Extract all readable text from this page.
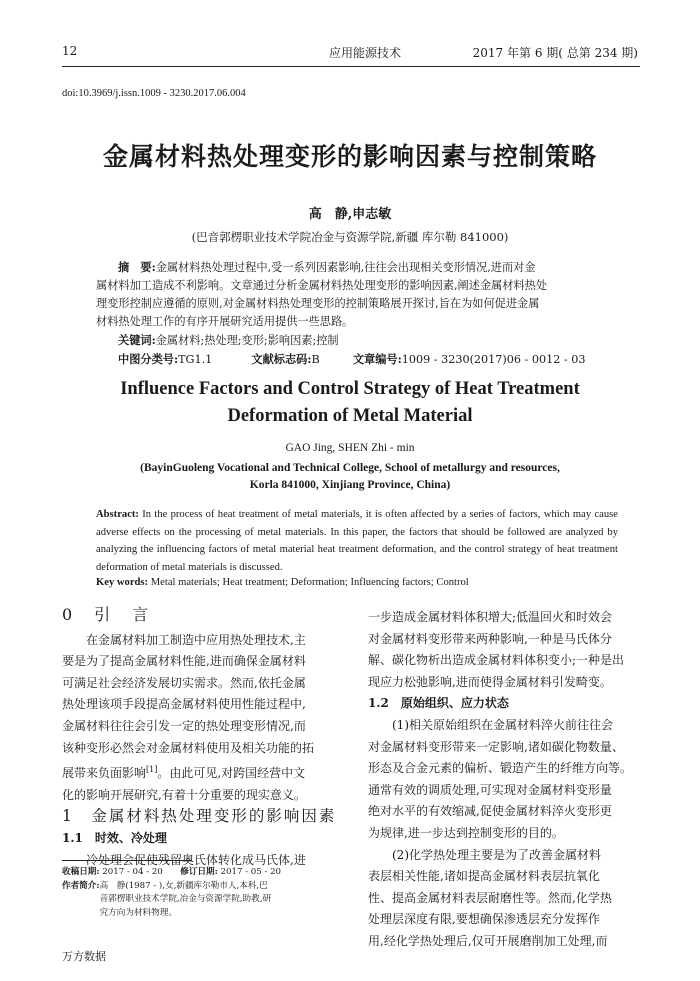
12	应用能源技术	2017 年第 6 期( 总第 234 期)
doi:10.3969/j.issn.1009 - 3230.2017.06.004
金属材料热处理变形的影响因素与控制策略
高　静,申志敏
(巴音郭楞职业技术学院冶金与资源学院,新疆 库尔勒 841000)
摘　要:金属材料热处理过程中,受一系列因素影响,往往会出现相关变形情况,进而对金
属材料加工造成不利影响。文章通过分析金属材料热处理变形的影响因素,阐述金属材料热处
理变形控制应遵循的原则,对金属材料热处理变形的控制策略展开探讨,旨在为如何促进金属
材料热处理工作的有序开展研究适用提供一些思路。
关键词:金属材料;热处理;变形;影响因素;控制
中图分类号:TG1.1	文献标志码:B	文章编号:1009 - 3230(2017)06 - 0012 - 03
Influence Factors and Control Strategy of Heat Treatment
Deformation of Metal Material
GAO Jing, SHEN Zhi - min
(BayinGuoleng Vocational and Technical College, School of metallurgy and resources,
Korla 841000, Xinjiang Province, China)
Abstract: In the process of heat treatment of metal materials, it is often affected by a series of factors, which may cause adverse effects on the processing of metal materials. In this paper, the factors that should be followed are analyzed by analyzing the influencing factors of metal material heat treatment deformation, and the control strategy of heat treatment deformation of metal materials is discussed.
Key words: Metal materials; Heat treatment; Deformation; Influencing factors; Control
0　引　言

在金属材料加工制造中应用热处理技术,主

要是为了提高金属材料性能,进而确保金属材料

可满足社会经济发展切实需求。然而,依托金属

热处理该项手段提高金属材料使用性能过程中,

金属材料往往会引发一定的热处理变形情况,而

该种变形必然会对金属材料使用及相关功能的拓

展带来负面影响[1]。由此可见,对跨国经营中文

化的影响开展研究,有着十分重要的现实意义。

1　金属材料热处理变形的影响因素
1.1　时效、冷处理

冷处理会促使残留奥氏体转化成马氏体,进

收稿日期: 2017 - 04 - 20 修订日期: 2017 - 05 - 20
作者简介: 高　静(1987 - ),女,新疆库尔勒市人,本科,巴
音郭楞职业技术学院,冶金与资源学院,助教,研
究方向为材料物理。

一步造成金属材料体积增大;低温回火和时效会

对金属材料变形带来两种影响,一种是马氏体分

解、碳化物析出造成金属材料体积变小;一种是出

现应力松弛影响,进而使得金属材料引发畸变。

1.2　原始组织、应力状态

(1)相关原始组织在金属材料淬火前往往会

对金属材料变形带来一定影响,诸如碳化物数量、

形态及合金元素的偏析、锻造产生的纤维方向等。

通常有效的调质处理,可实现对金属材料变形量

绝对水平的有效缩减,促使金属材料淬火变形更

为规律,进一步达到控制变形的目的。

(2)化学热处理主要是为了改善金属材料

表层相关性能,诸如提高金属材料表层抗氧化

性、提高金属材料表层耐磨性等。然而,化学热

处理层深度有限,要想确保渗透层充分发挥作

用,经化学热处理后,仅可开展磨削加工处理,而

万方数据
